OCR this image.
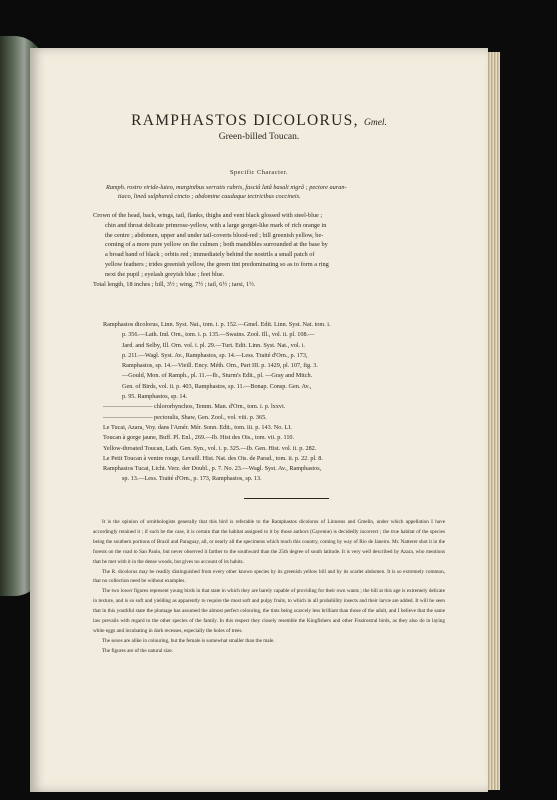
RAMPHASTOS DICOLORUS, Gmel.
Green-billed Toucan.
Specific Character.
Ramph. rostro viride-luteo, marginibus serratis rubris, fasciâ latâ basali nigrâ ; pectore auran-
tiaco, lineâ sulphureâ cincto ; abdomine caudaque tectricibus coccineis.
Crown of the head, back, wings, tail, flanks, thighs and vent black glossed with steel-blue ;
chin and throat delicate primrose-yellow, with a large gorget-like mark of rich orange in
the centre ; abdomen, upper and under tail-coverts blood-red ; bill greenish yellow, be-
coming of a more pure yellow on the culmen ; both mandibles surrounded at the base by
a broad band of black ; orbits red ; immediately behind the nostrils a small patch of
yellow feathers ; irides greenish yellow, the green tint predominating so as to form a ring
next the pupil ; eyelash greyish blue ; feet blue.
Total length, 18 inches ; bill, 3½ ; wing, 7½ ; tail, 6½ ; tarsi, 1½.
Ramphastos dicolorus, Linn. Syst. Nat., tom. i. p. 152.—Gmel. Edit. Linn. Syst. Nat. tom. i.
p. 356.—Lath. Ind. Orn., tom. i. p. 135.—Swains. Zool. Ill., vol. ii. pl. 108.—
Jard. and Selby, Ill. Orn. vol. i. pl. 29.—Turt. Edit. Linn. Syst. Nat., vol. i.
p. 211.—Wagl. Syst. Av., Ramphastos, sp. 14.—Less. Traité d'Orn., p. 173,
Ramphastos, sp. 14.—Vieill. Ency. Méth. Orn., Part III. p. 1429, pl. 107, fig. 3.
—Gould, Mon. of Ramph., pl. 11.—Ib., Sturm's Edit., pl. —Gray and Mitch.
Gen. of Birds, vol. ii. p. 403, Ramphastos, sp. 11.—Bonap. Consp. Gen. Av.,
p. 95. Ramphastos, sp. 14.
———————— chlororhynchos, Temm. Man. d'Orn., tom. i. p. lxxvi.
———————— pectoralis, Shaw, Gen. Zool., vol. viii. p. 365.
Le Tucai, Azara, Voy. dans l'Amér. Mér. Sonn. Edit., tom. iii. p. 143. No. LI.
Toucan à gorge jaune, Buff. Pl. Enl., 269.—Ib. Hist des Ois., tom. vii. p. 110.
Yellow-throated Toucan, Lath. Gen. Syn., vol. i. p. 325.—Ib. Gen. Hist. vol. ii. p. 282.
Le Petit Toucan à ventre rouge, Levaill. Hist. Nat. des Ois. de Parad., tom. ii. p. 22. pl. 8.
Ramphastos Tucai, Licht. Verz. der Doubl., p. 7. No. 23.—Wagl. Syst. Av., Ramphastos,
sp. 13.—Less. Traité d'Orn., p. 173, Ramphastos, sp. 13.

It is the opinion of ornithologists generally that this bird is referable to the Ramphastos dicolorus of Linnæus and Gmelin, under which appellation I have accordingly retained it ; if such be the case, it is certain that the habitat assigned to it by those authors (Cayenne) is decidedly incorrect ; the true habitat of the species being the southern portions of Brazil and Paraguay, all, or nearly all the specimens which reach this country, coming by way of Rio de Janeiro. Mr. Natterer shot it in the forests on the road to San Paulo, but never observed it farther to the southward than the 25th degree of south latitude. It is very well described by Azara, who mentions that he met with it in the dense woods, but gives no account of its habits.

The R. dicolorus may be readily distinguished from every other known species by its greenish yellow bill and by its scarlet abdomen. It is so extremely common, that no collection need be without examples.

The two lower figures represent young birds in that state in which they are barely capable of providing for their own wants ; the bill at this age is extremely delicate in texture, and is so soft and yielding as apparently to require the most soft and pulpy fruits, to which in all probability insects and their larvæ are added. It will be seen that in this youthful state the plumage has assumed the almost perfect colouring, the tints being scarcely less brilliant than those of the adult, and I believe that the same law prevails with regard to the other species of the family. In this respect they closely resemble the Kingfishers and other Fissirostral birds, as they also do in laying white eggs and incubating in dark recesses, especially the holes of trees.

The sexes are alike in colouring, but the female is somewhat smaller than the male.

The figures are of the natural size.
